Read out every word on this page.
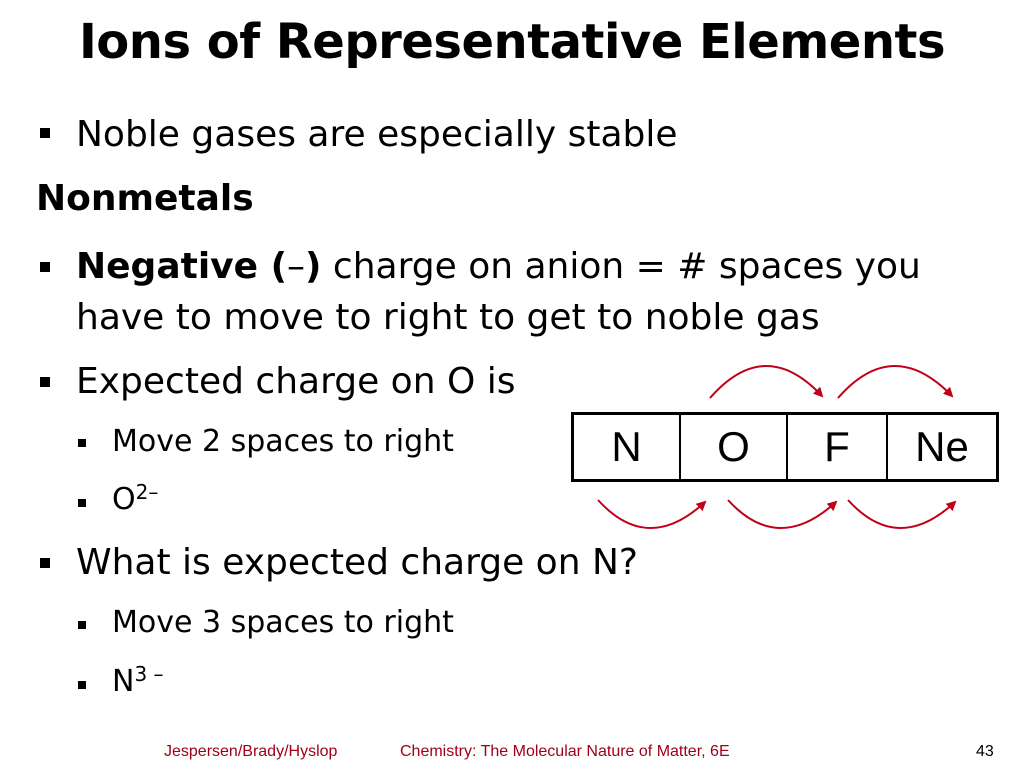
Ions of Representative Elements
Noble gases are especially stable
Nonmetals
Negative (–) charge on anion = # spaces you
have to move to right to get to noble gas
Expected charge on O is
Move 2 spaces to right
$O^{2-}$
What is expected charge on N?
Move 3 spaces to right
$N^{3 -}$
N	O	F	Ne
Jespersen/Brady/Hyslop	Chemistry: The Molecular Nature of Matter, 6E	43
